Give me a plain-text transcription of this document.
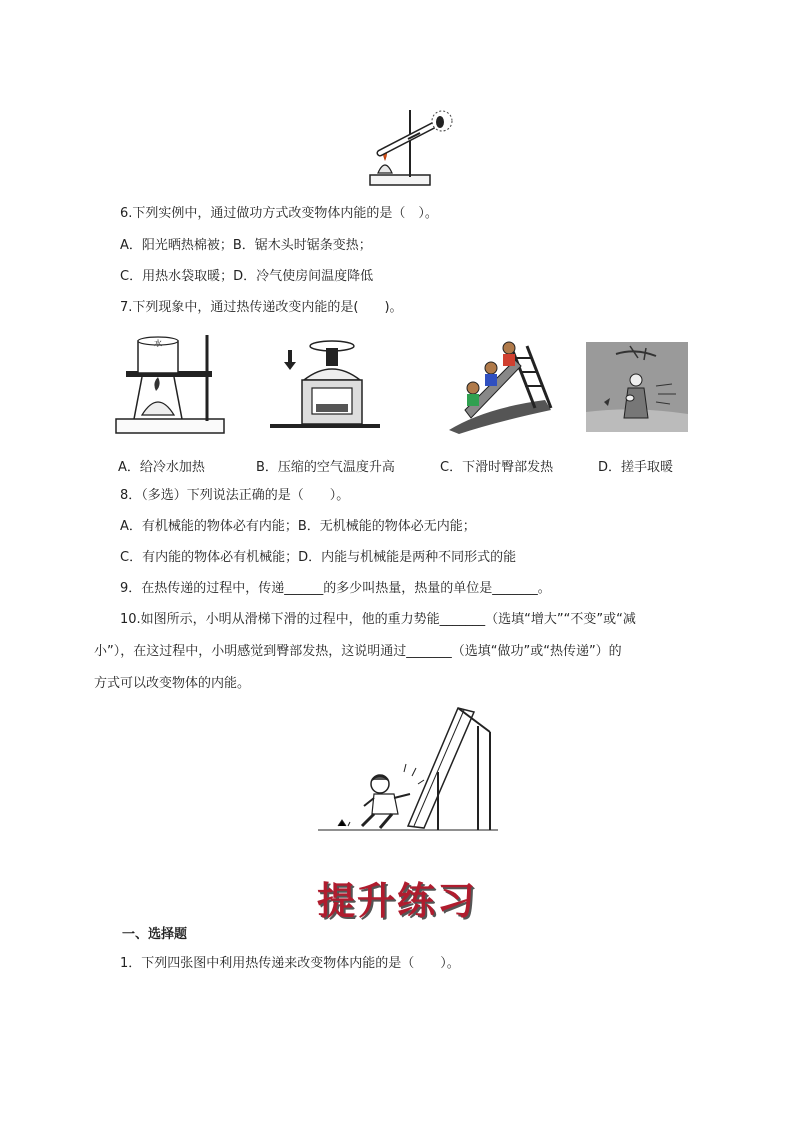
6.下列实例中，通过做功方式改变物体内能的是（　）。
A．阳光晒热棉被；B．锯木头时锯条变热；
C．用热水袋取暖；D．冷气使房间温度降低
7.下列现象中，通过热传递改变内能的是(　　)。
水
A．给冷水加热	B．压缩的空气温度升高	C．下滑时臀部发热	D．搓手取暖
8．（多选）下列说法正确的是（　　）。
A．有机械能的物体必有内能；B．无机械能的物体必无内能；
C．有内能的物体必有机械能；D．内能与机械能是两种不同形式的能
9．在热传递的过程中，传递______的多少叫热量，热量的单位是_______。
10.如图所示，小明从滑梯下滑的过程中，他的重力势能_______（选填“增大”“不变”或“减
小”），在这过程中，小明感觉到臀部发热，这说明通过_______（选填“做功”或“热传递”）的
方式可以改变物体的内能。
提升练习
一、选择题
1．下列四张图中利用热传递来改变物体内能的是（　　）。
